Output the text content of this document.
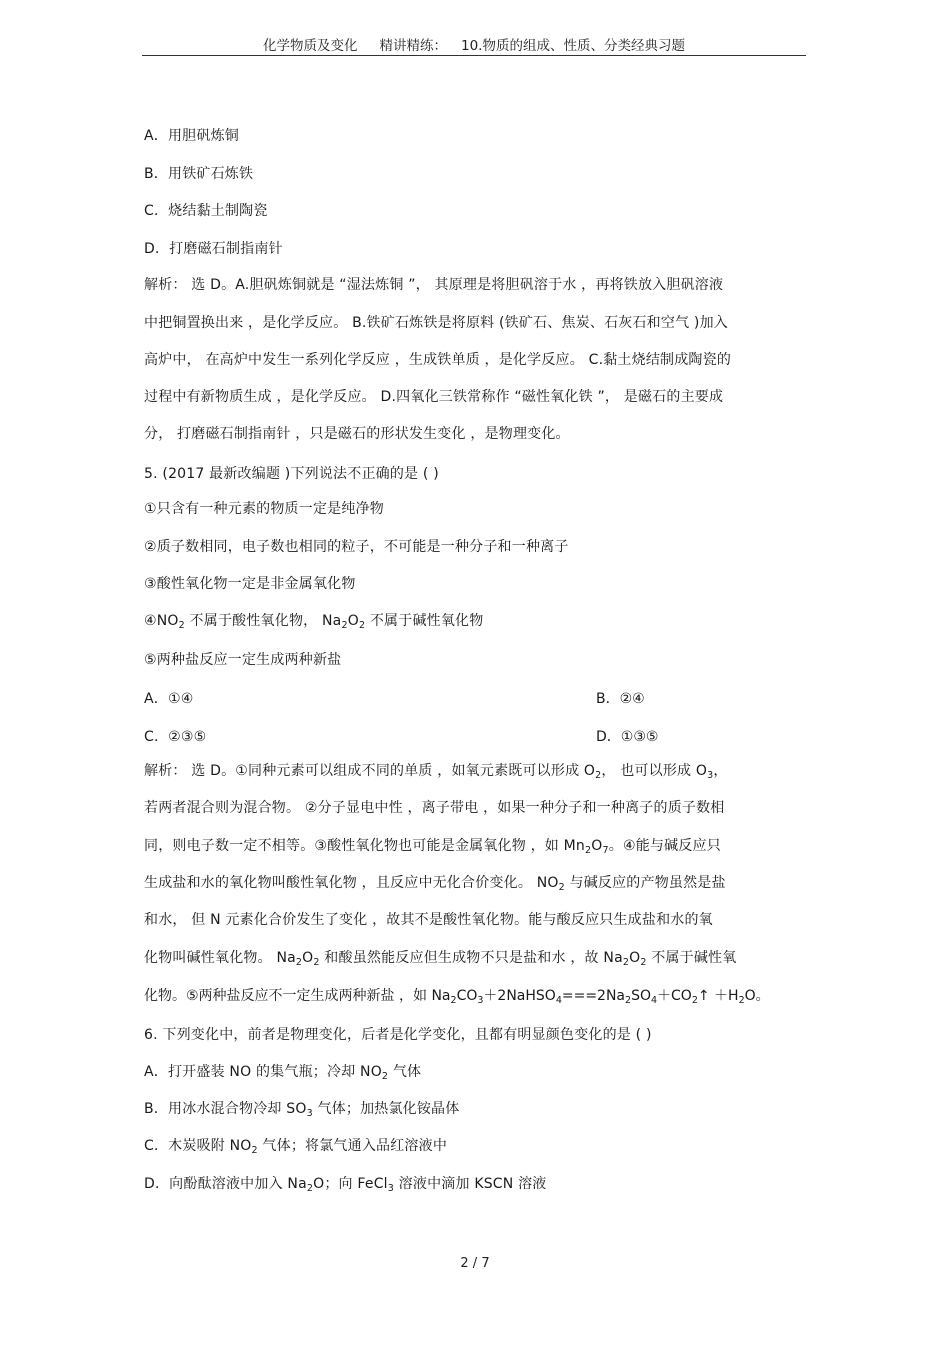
化学物质及变化 精讲精练： 10.物质的组成、性质、分类经典习题
A．用胆矾炼铜
B．用铁矿石炼铁
C．烧结黏土制陶瓷
D．打磨磁石制指南针
解析： 选 D。A.胆矾炼铜就是 “湿法炼铜 ”， 其原理是将胆矾溶于水 ，再将铁放入胆矾溶液
中把铜置换出来 ，是化学反应。 B.铁矿石炼铁是将原料 (铁矿石、焦炭、石灰石和空气 )加入
高炉中， 在高炉中发生一系列化学反应 ，生成铁单质 ，是化学反应。 C.黏土烧结制成陶瓷的
过程中有新物质生成 ，是化学反应。 D.四氧化三铁常称作 “磁性氧化铁 ”， 是磁石的主要成
分， 打磨磁石制指南针 ，只是磁石的形状发生变化 ，是物理变化。
5. (2017 最新改编题 )下列说法不正确的是 ( )
①只含有一种元素的物质一定是纯净物
②质子数相同，电子数也相同的粒子，不可能是一种分子和一种离子
③酸性氧化物一定是非金属氧化物
$④NO_2$ 不属于酸性氧化物， $Na_2O_2$ 不属于碱性氧化物
⑤两种盐反应一定生成两种新盐
A．①④	B．②④
C．②③⑤	D．①③⑤
解析： 选 D。①同种元素可以组成不同的单质 ，如氧元素既可以形成 $O_2$， 也可以形成 $O_3$，
若两者混合则为混合物。 ②分子显电中性 ，离子带电 ，如果一种分子和一种离子的质子数相
同，则电子数一定不相等。③酸性氧化物也可能是金属氧化物 ，如 $Mn_2O_7$。④能与碱反应只
生成盐和水的氧化物叫酸性氧化物 ，且反应中无化合价变化。 $NO_2$ 与碱反应的产物虽然是盐
和水， 但 N 元素化合价发生了变化 ，故其不是酸性氧化物。能与酸反应只生成盐和水的氧
化物叫碱性氧化物。 $Na_2O_2$ 和酸虽然能反应但生成物不只是盐和水 ，故 $Na_2O_2$ 不属于碱性氧
化物。⑤两种盐反应不一定生成两种新盐 ，如 $Na_2CO_3+2NaHSO_4===2Na_2SO_4+CO_2↑ +H_2O$。
6. 下列变化中，前者是物理变化，后者是化学变化，且都有明显颜色变化的是 ( )
A．打开盛装 NO 的集气瓶；冷却 $NO_2$ 气体
B．用冰水混合物冷却 $SO_3$ 气体；加热氯化铵晶体
C．木炭吸附 $NO_2$ 气体；将氯气通入品红溶液中
D．向酚酞溶液中加入 $Na_2O$；向 FeCl$_3$ 溶液中滴加 KSCN 溶液
2 / 7
